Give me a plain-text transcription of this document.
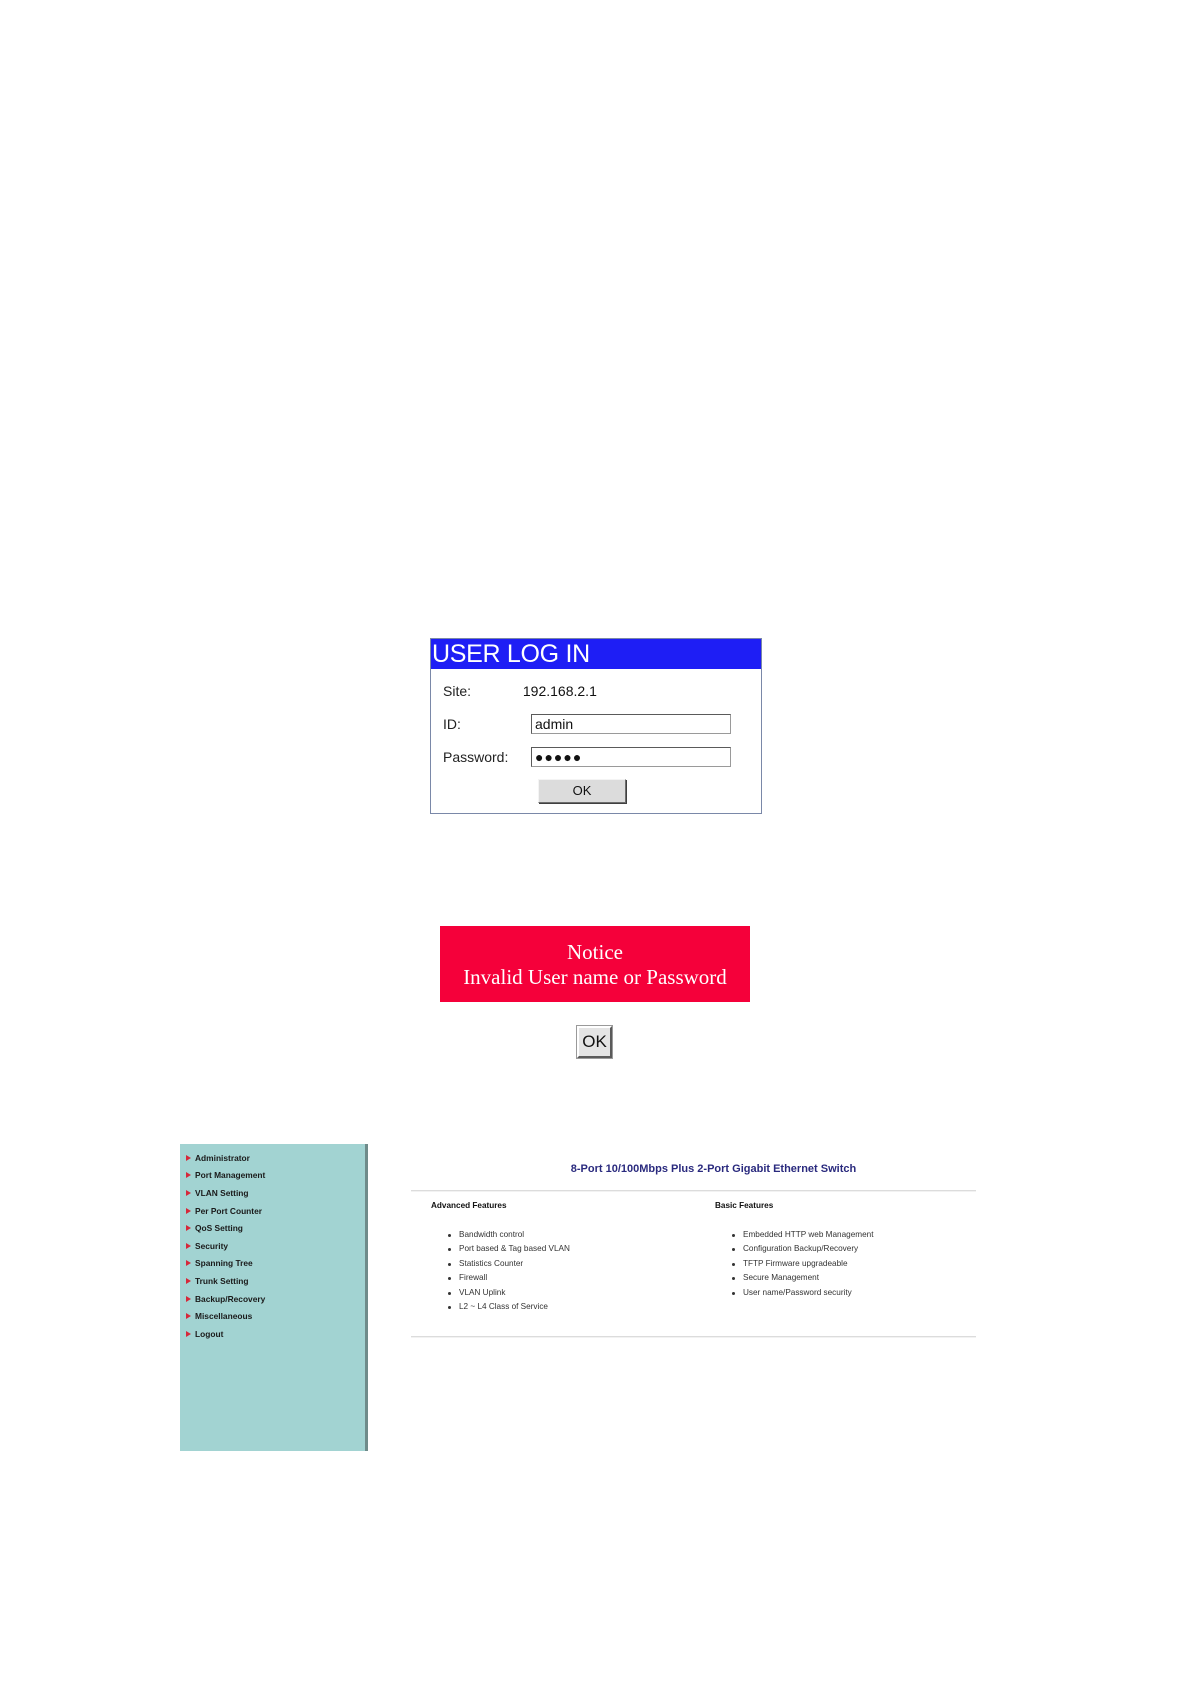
USER LOG IN
Site:	192.168.2.1
ID:	admin
Password: ●●●●●
OK
Notice
Invalid User name or Password
OK
Administrator
Port Management
VLAN Setting
Per Port Counter
QoS Setting
Security
Spanning Tree
Trunk Setting
Backup/Recovery
Miscellaneous
Logout
8-Port 10/100Mbps Plus 2-Port Gigabit Ethernet Switch
Advanced Features
Bandwidth control
Port based & Tag based VLAN
Statistics Counter
Firewall
VLAN Uplink
L2 ~ L4 Class of Service
Basic Features
Embedded HTTP web Management
Configuration Backup/Recovery
TFTP Firmware upgradeable
Secure Management
User name/Password security
